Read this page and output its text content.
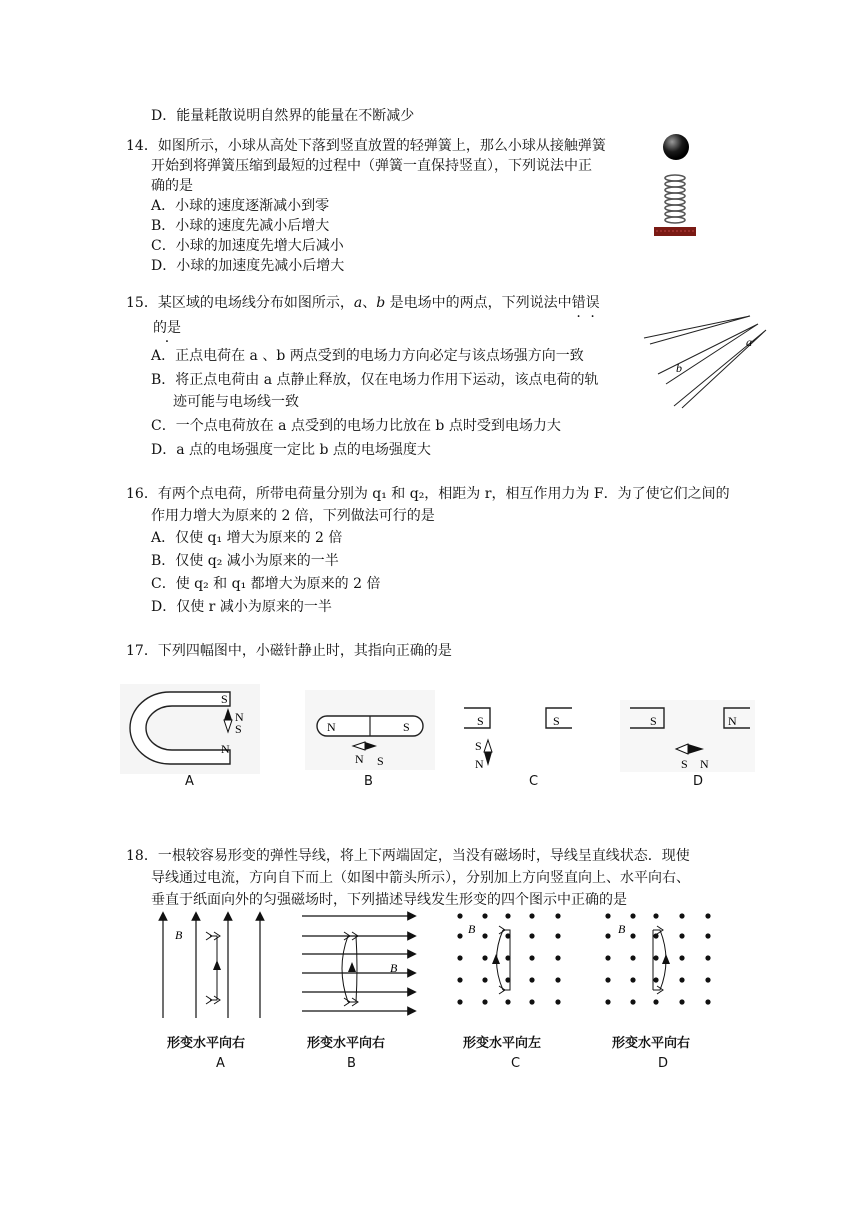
D．能量耗散说明自然界的能量在不断减少
14．如图所示，小球从高处下落到竖直放置的轻弹簧上，那么小球从接触弹簧
开始到将弹簧压缩到最短的过程中（弹簧一直保持竖直），下列说法中正
确的是
A．小球的速度逐渐减小到零
B．小球的速度先减小后增大
C．小球的加速度先增大后减小
D．小球的加速度先减小后增大
15．某区域的电场线分布如图所示，a、b 是电场中的两点，下列说法中错误
的是
A．正点电荷在 a 、b 两点受到的电场力方向必定与该点场强方向一致
B．将正点电荷由 a 点静止释放，仅在电场力作用下运动，该点电荷的轨
迹可能与电场线一致
C．一个点电荷放在 a 点受到的电场力比放在 b 点时受到电场力大
D．a 点的电场强度一定比 b 点的电场强度大
a
b
16．有两个点电荷，所带电荷量分别为 q₁ 和 q₂，相距为 r，相互作用力为 F．为了使它们之间的
作用力增大为原来的 2 倍，下列做法可行的是
A．仅使 q₁ 增大为原来的 2 倍
B．仅使 q₂ 减小为原来的一半
C．使 q₂ 和 q₁ 都增大为原来的 2 倍
D．仅使 r 减小为原来的一半
17．下列四幅图中，小磁针静止时，其指向正确的是
S
N
N
S
A
N	S
N S
B
S	S
S
N
C
S	N
S N
D
18．一根较容易形变的弹性导线，将上下两端固定，当没有磁场时，导线呈直线状态．现使
导线通过电流，方向自下而上（如图中箭头所示），分别加上方向竖直向上、水平向右、
垂直于纸面向外的匀强磁场时，下列描述导线发生形变的四个图示中正确的是
B
形变水平向右
A
B
形变水平向右
B
B
形变水平向左
C
B
形变水平向右
D
